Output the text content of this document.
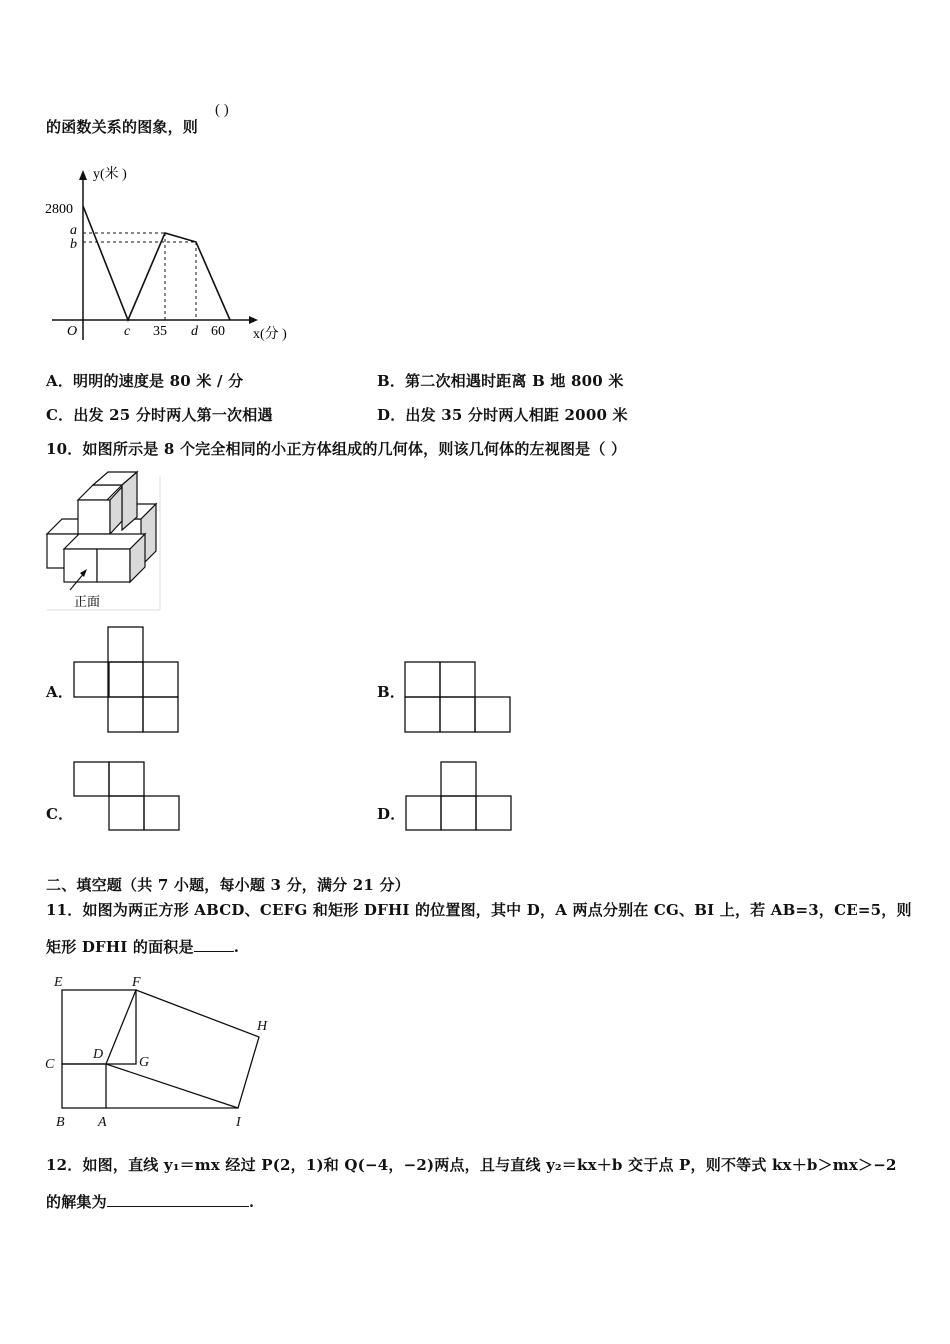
的函数关系的图象，则
( )
y(米 )
x(分 )
O
2800
a
b
c 35 d 60
A．明明的速度是 80 米 / 分	B．第二次相遇时距离 B 地 800 米
C．出发 25 分时两人第一次相遇	D．出发 35 分时两人相距 2000 米
10．如图所示是 8 个完全相同的小正方体组成的几何体，则该几何体的左视图是（ ）
正面
A．	B．
C．	D．
二、填空题（共 7 小题，每小题 3 分，满分 21 分）
11．如图为两正方形 ABCD、CEFG 和矩形 DFHI 的位置图，其中 D，A 两点分别在 CG、BI 上，若 AB=3，CE=5，则
矩形 DFHI 的面积是	.
E	F
H
C
D
G
B A	I
12．如图，直线 y₁＝mx 经过 P(2，1)和 Q(−4，−2)两点，且与直线 y₂＝kx＋b 交于点 P，则不等式 kx＋b＞mx＞−2
的解集为	.
